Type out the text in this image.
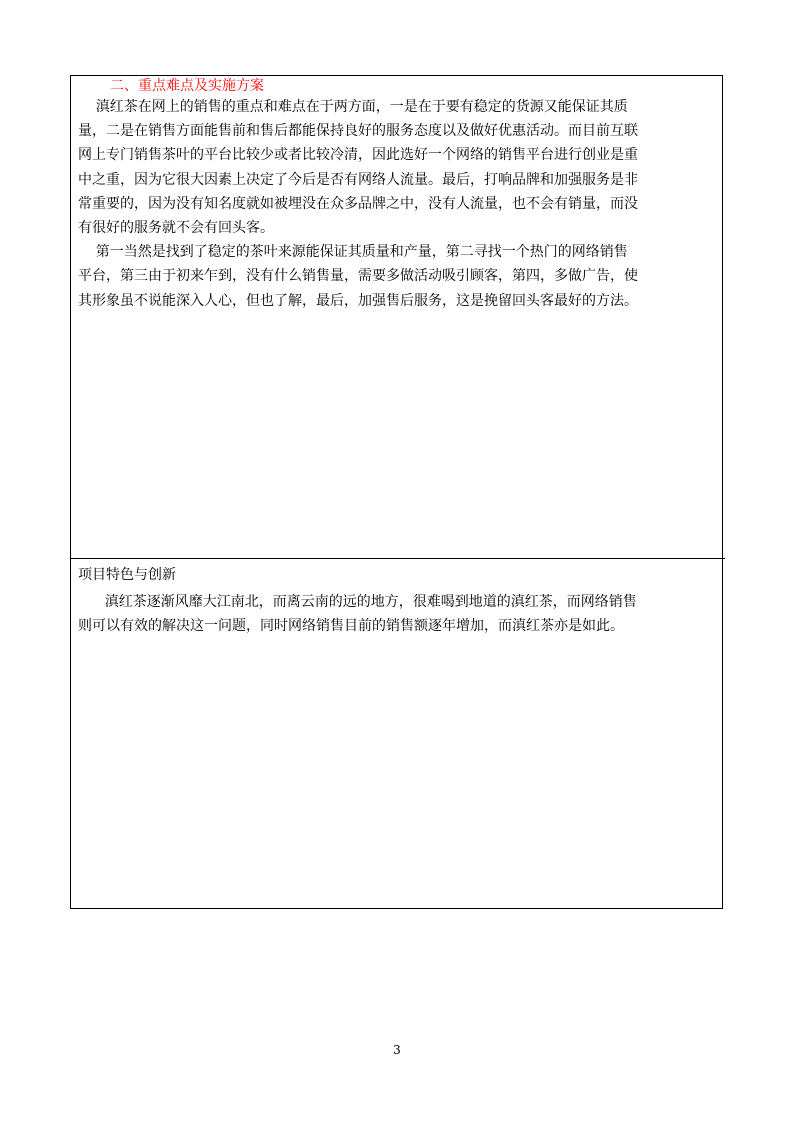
二、重点难点及实施方案
滇红茶在网上的销售的重点和难点在于两方面，一是在于要有稳定的货源又能保证其质
量，二是在销售方面能售前和售后都能保持良好的服务态度以及做好优惠活动。而目前互联
网上专门销售茶叶的平台比较少或者比较冷清，因此选好一个网络的销售平台进行创业是重
中之重，因为它很大因素上决定了今后是否有网络人流量。最后，打响品牌和加强服务是非
常重要的，因为没有知名度就如被埋没在众多品牌之中，没有人流量，也不会有销量，而没
有很好的服务就不会有回头客。
第一当然是找到了稳定的茶叶来源能保证其质量和产量，第二寻找一个热门的网络销售
平台，第三由于初来乍到，没有什么销售量，需要多做活动吸引顾客，第四，多做广告，使
其形象虽不说能深入人心，但也了解，最后，加强售后服务，这是挽留回头客最好的方法。
项目特色与创新
滇红茶逐渐风靡大江南北，而离云南的远的地方，很难喝到地道的滇红茶，而网络销售
则可以有效的解决这一问题，同时网络销售目前的销售额逐年增加，而滇红茶亦是如此。
3
